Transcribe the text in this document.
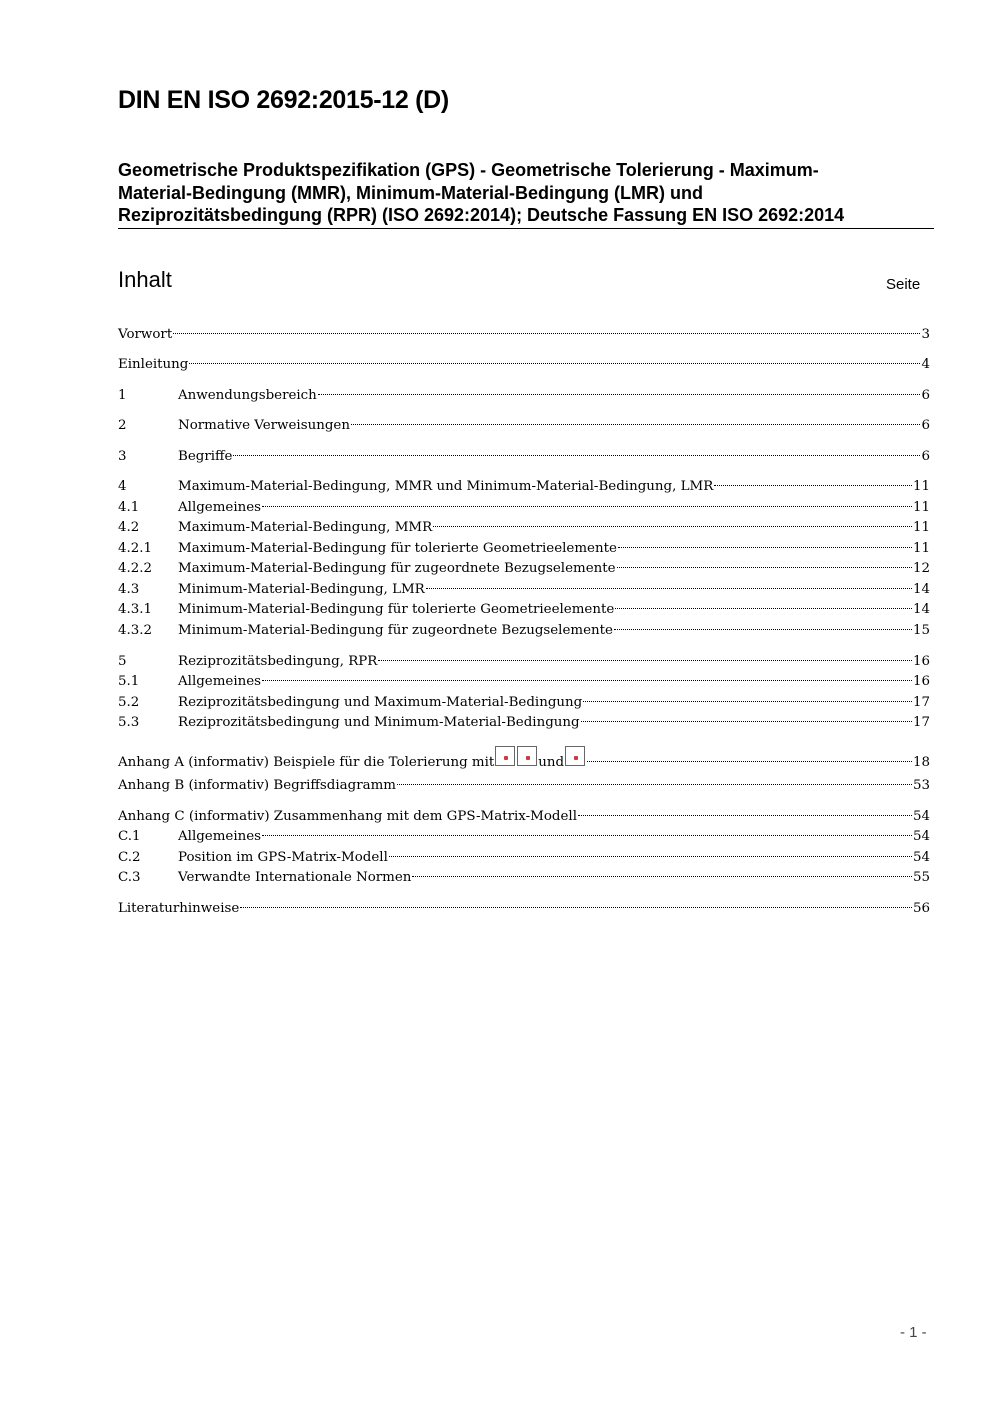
DIN EN ISO 2692:2015-12 (D)
Geometrische Produktspezifikation (GPS) - Geometrische Tolerierung - Maximum-
Material-Bedingung (MMR), Minimum-Material-Bedingung (LMR) und
Reziprozitätsbedingung (RPR) (ISO 2692:2014); Deutsche Fassung EN ISO 2692:2014
Inhalt	Seite
Vorwort	3
Einleitung	4
1	Anwendungsbereich	6
2	Normative Verweisungen	6
3	Begriffe	6
4	Maximum-Material-Bedingung, MMR und Minimum-Material-Bedingung, LMR	11
4.1	Allgemeines	11
4.2	Maximum-Material-Bedingung, MMR	11
4.2.1	Maximum-Material-Bedingung für tolerierte Geometrieelemente	11
4.2.2	Maximum-Material-Bedingung für zugeordnete Bezugselemente	12
4.3	Minimum-Material-Bedingung, LMR	14
4.3.1	Minimum-Material-Bedingung für tolerierte Geometrieelemente	14
4.3.2	Minimum-Material-Bedingung für zugeordnete Bezugselemente	15
5	Reziprozitätsbedingung, RPR	16
5.1	Allgemeines	16
5.2	Reziprozitätsbedingung und Maximum-Material-Bedingung	17
5.3	Reziprozitätsbedingung und Minimum-Material-Bedingung	17
Anhang A (informativ) Beispiele für die Tolerierung mit	und	18
Anhang B (informativ) Begriffsdiagramm	53
Anhang C (informativ) Zusammenhang mit dem GPS-Matrix-Modell	54
C.1	Allgemeines	54
C.2	Position im GPS-Matrix-Modell	54
C.3	Verwandte Internationale Normen	55
Literaturhinweise	56
- 1 -
